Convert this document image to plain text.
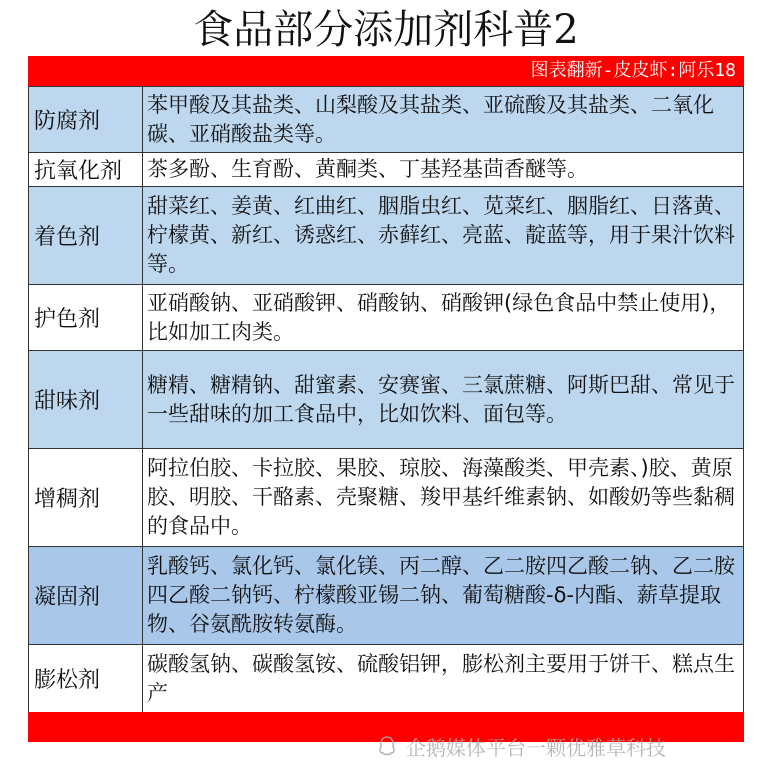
食品部分添加剂科普2
图表翻新-皮皮虾:阿乐18
防腐剂
苯甲酸及其盐类、山梨酸及其盐类、亚硫酸及其盐类、二氧化碳、亚硝酸盐类等。
抗氧化剂	茶多酚、生育酚、黄酮类、丁基羟基茴香醚等。
着色剂
甜菜红、姜黄、红曲红、胭脂虫红、苋菜红、胭脂红、日落黄、柠檬黄、新红、诱惑红、赤藓红、亮蓝、靛蓝等，用于果汁饮料等。
护色剂
亚硝酸钠、亚硝酸钾、硝酸钠、硝酸钾(绿色食品中禁止使用)，比如加工肉类。
甜味剂
糖精、糖精钠、甜蜜素、安赛蜜、三氯蔗糖、阿斯巴甜、常见于一些甜味的加工食品中，比如饮料、面包等。
增稠剂
阿拉伯胶、卡拉胶、果胶、琼胶、海藻酸类、甲壳素、)胶、黄原胶、明胶、干酪素、壳聚糖、羧甲基纤维素钠、如酸奶等些黏稠的食品中。
凝固剂
乳酸钙、氯化钙、氯化镁、丙二醇、乙二胺四乙酸二钠、乙二胺四乙酸二钠钙、柠檬酸亚锡二钠、葡萄糖酸-δ-内酯、薪草提取物、谷氨酰胺转氨酶。
膨松剂
碳酸氢钠、碳酸氢铵、硫酸铝钾，膨松剂主要用于饼干、糕点生产
企鹅媒体平台一颗优雅草科技
